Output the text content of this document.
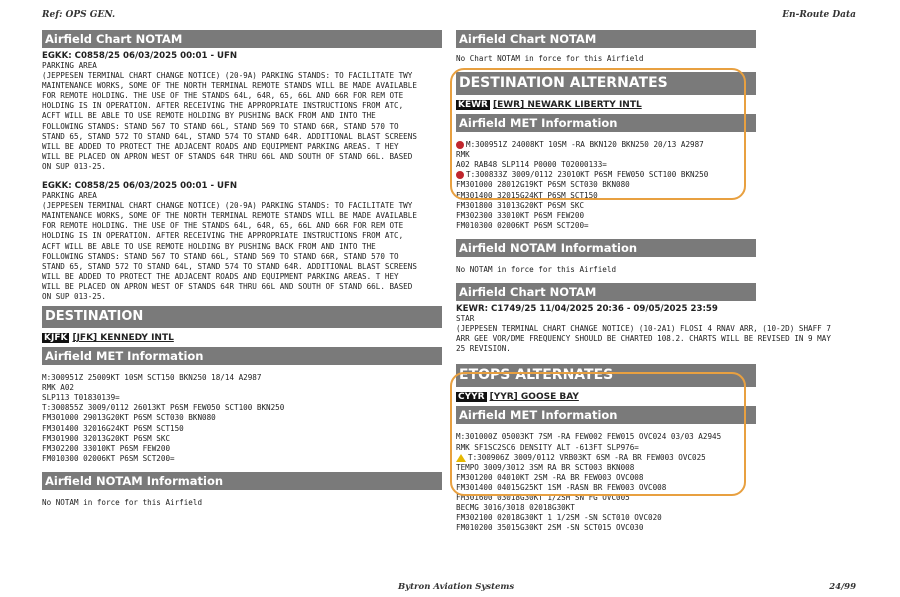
Ref: OPS GEN.	En-Route Data
Airfield Chart NOTAM
EGKK: C0858/25 06/03/2025 00:01 - UFN
PARKING AREA
(JEPPESEN TERMINAL CHART CHANGE NOTICE) (20-9A) PARKING STANDS: TO FACILITATE TWY
MAINTENANCE WORKS, SOME OF THE NORTH TERMINAL REMOTE STANDS WILL BE MADE AVAILABLE
FOR REMOTE HOLDING. THE USE OF THE STANDS 64L, 64R, 65, 66L AND 66R FOR REM OTE
HOLDING IS IN OPERATION. AFTER RECEIVING THE APPROPRIATE INSTRUCTIONS FROM ATC,
ACFT WILL BE ABLE TO USE REMOTE HOLDING BY PUSHING BACK FROM AND INTO THE
FOLLOWING STANDS: STAND 567 TO STAND 66L, STAND 569 TO STAND 66R, STAND 570 TO
STAND 65, STAND 572 TO STAND 64L, STAND 574 TO STAND 64R. ADDITIONAL BLAST SCREENS
WILL BE ADDED TO PROTECT THE ADJACENT ROADS AND EQUIPMENT PARKING AREAS. T HEY
WILL BE PLACED ON APRON WEST OF STANDS 64R THRU 66L AND SOUTH OF STAND 66L. BASED
ON SUP 013-25.
EGKK: C0858/25 06/03/2025 00:01 - UFN
PARKING AREA
(JEPPESEN TERMINAL CHART CHANGE NOTICE) (20-9A) PARKING STANDS: TO FACILITATE TWY
MAINTENANCE WORKS, SOME OF THE NORTH TERMINAL REMOTE STANDS WILL BE MADE AVAILABLE
FOR REMOTE HOLDING. THE USE OF THE STANDS 64L, 64R, 65, 66L AND 66R FOR REM OTE
HOLDING IS IN OPERATION. AFTER RECEIVING THE APPROPRIATE INSTRUCTIONS FROM ATC,
ACFT WILL BE ABLE TO USE REMOTE HOLDING BY PUSHING BACK FROM AND INTO THE
FOLLOWING STANDS: STAND 567 TO STAND 66L, STAND 569 TO STAND 66R, STAND 570 TO
STAND 65, STAND 572 TO STAND 64L, STAND 574 TO STAND 64R. ADDITIONAL BLAST SCREENS
WILL BE ADDED TO PROTECT THE ADJACENT ROADS AND EQUIPMENT PARKING AREAS. T HEY
WILL BE PLACED ON APRON WEST OF STANDS 64R THRU 66L AND SOUTH OF STAND 66L. BASED
ON SUP 013-25.
DESTINATION
KJFK [JFK] KENNEDY INTL
Airfield MET Information
M:300951Z 25009KT 10SM SCT150 BKN250 18/14 A2987
RMK A02
SLP113 T01830139=
T:300855Z 3009/0112 26013KT P6SM FEW050 SCT100 BKN250
FM301000 29013G20KT P6SM SCT030 BKN080
FM301400 32016G24KT P6SM SCT150
FM301900 32013G20KT P6SM SKC
FM302200 33010KT P6SM FEW200
FM010300 02006KT P6SM SCT200=
Airfield NOTAM Information
No NOTAM in force for this Airfield
Airfield Chart NOTAM
No Chart NOTAM in force for this Airfield
DESTINATION ALTERNATES
KEWR [EWR] NEWARK LIBERTY INTL
Airfield MET Information
M:300951Z 24008KT 10SM -RA BKN120 BKN250 20/13 A2987
RMK
A02 RAB48 SLP114 P0000 T02000133=
T:300833Z 3009/0112 23010KT P6SM FEW050 SCT100 BKN250
FM301000 28012G19KT P6SM SCT030 BKN080
FM301400 32015G24KT P6SM SCT150
FM301800 31013G20KT P6SM SKC
FM302300 33010KT P6SM FEW200
FM010300 02006KT P6SM SCT200=
Airfield NOTAM Information
No NOTAM in force for this Airfield
Airfield Chart NOTAM
KEWR: C1749/25 11/04/2025 20:36 - 09/05/2025 23:59
STAR
(JEPPESEN TERMINAL CHART CHANGE NOTICE) (10-2A1) FLOSI 4 RNAV ARR, (10-2D) SHAFF 7
ARR GEE VOR/DME FREQUENCY SHOULD BE CHARTED 108.2. CHARTS WILL BE REVISED IN 9 MAY
25 REVISION.
ETOPS ALTERNATES
CYYR [YYR] GOOSE BAY
Airfield MET Information
M:301000Z 05003KT 7SM -RA FEW002 FEW015 OVC024 03/03 A2945
RMK SF1SC2SC6 DENSITY ALT -613FT SLP976=
T:300906Z 3009/0112 VRB03KT 6SM -RA BR FEW003 OVC025
TEMPO 3009/3012 3SM RA BR SCT003 BKN008
FM301200 04010KT 2SM -RA BR FEW003 OVC008
FM301400 04015G25KT 1SM -RASN BR FEW003 OVC008
FM301600 03018G30KT 1/2SM SN FG OVC005
BECMG 3016/3018 02018G30KT
FM302100 02018G30KT 1 1/2SM -SN SCT010 OVC020
FM010200 35015G30KT 2SM -SN SCT015 OVC030
Bytron Aviation Systems	24/99
